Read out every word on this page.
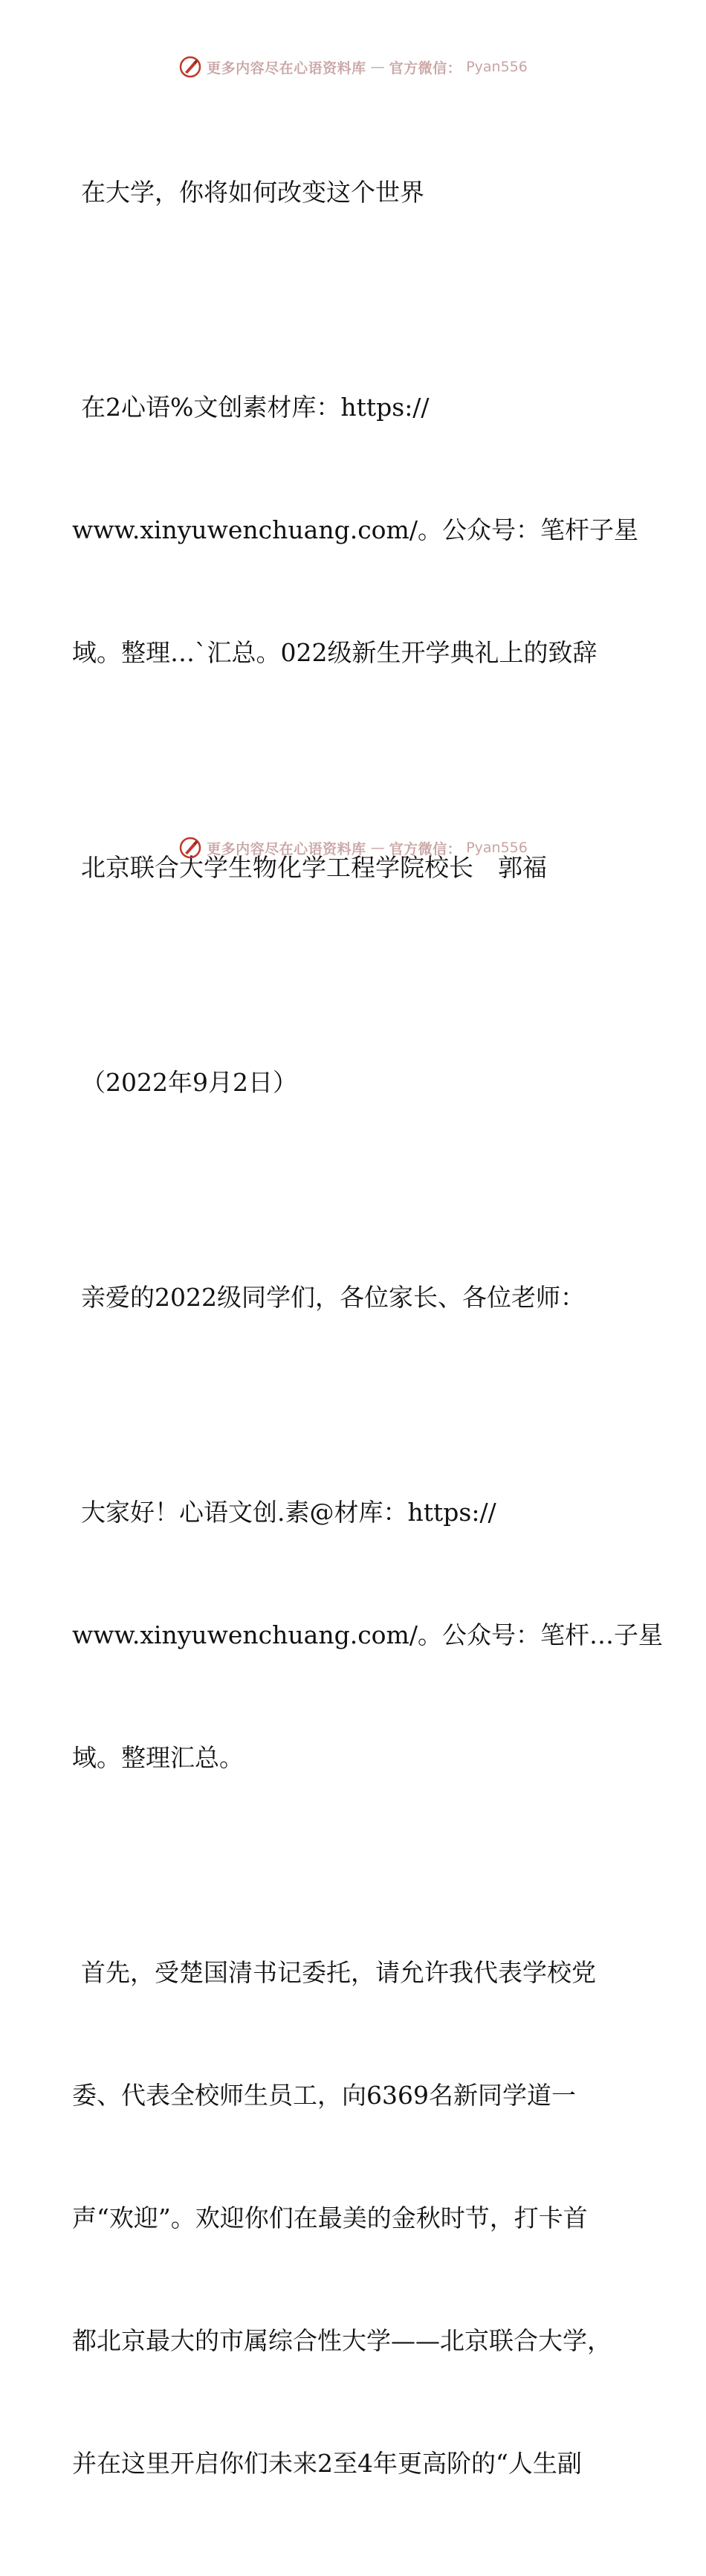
更多内容尽在心语资料库 — 官方微信： Pyan556

在大学，你将如何改变这个世界

在2心语%文创素材库：https://

www.xinyuwenchuang.com/。公众号：笔杆子星

域。整理…`汇总。022级新生开学典礼上的致辞

北京联合大学生物化学工程学院校长　郭福

（2022年9月2日）

亲爱的2022级同学们，各位家长、各位老师：

大家好！心语文创.素@材库：https://

www.xinyuwenchuang.com/。公众号：笔杆…子星

域。整理汇总。

首先，受楚国清书记委托，请允许我代表学校党

委、代表全校师生员工，向6369名新同学道一

声“欢迎”。欢迎你们在最美的金秋时节，打卡首

都北京最大的市属综合性大学——北京联合大学，

并在这里开启你们未来2至4年更高阶的“人生副

更多内容尽在心语资料库 — 官方微信： Pyan556
